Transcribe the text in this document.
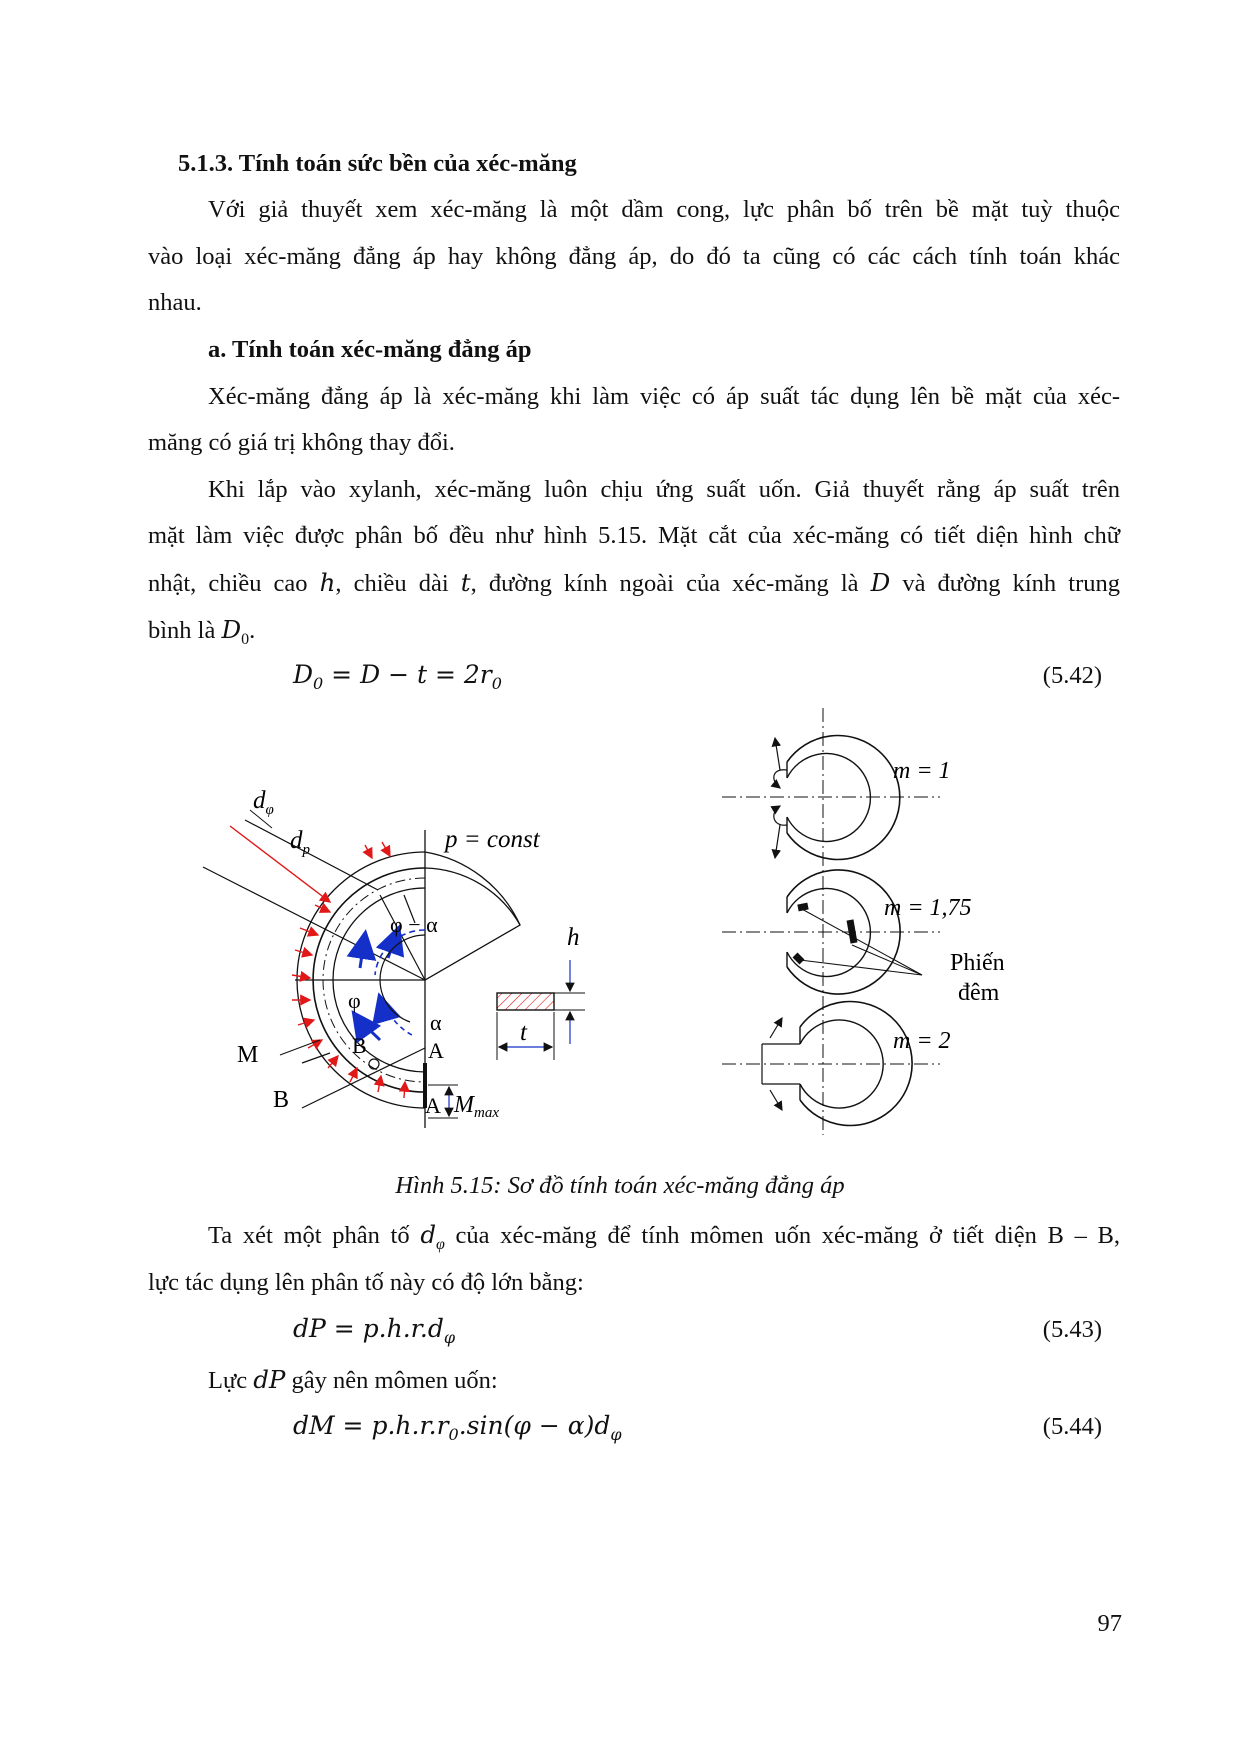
5.1.3. Tính toán sức bền của xéc-măng
Với giả thuyết xem xéc-măng là một dầm cong, lực phân bố trên bề mặt tuỳ thuộc
vào loại xéc-măng đẳng áp hay không đẳng áp, do đó ta cũng có các cách tính toán khác
nhau.
a. Tính toán xéc-măng đẳng áp
Xéc-măng đẳng áp là xéc-măng khi làm việc có áp suất tác dụng lên bề mặt của xéc-
măng có giá trị không thay đổi.
Khi lắp vào xylanh, xéc-măng luôn chịu ứng suất uốn. Giả thuyết rằng áp suất trên
mặt làm việc được phân bố đều như hình 5.15. Mặt cắt của xéc-măng có tiết diện hình chữ
nhật, chiều cao h, chiều dài t, đường kính ngoài của xéc-măng là D và đường kính trung
bình là $D_0$.
$D_0 = D - t = 2r_0$	(5.42)
$d_\varphi$
$d_p$	p = const
φ − α
φ
α
B	A
A $M_{max}$
M
B
h
t
m = 1
m = 1,75
Phiến
đêm
m = 2
Hình 5.15: Sơ đồ tính toán xéc-măng đẳng áp
Ta xét một phân tố $d_\varphi$ của xéc-măng để tính mômen uốn xéc-măng ở tiết diện B – B,
lực tác dụng lên phân tố này có độ lớn bằng:
dP = $p.h.r.d_\varphi$	(5.43)
Lực dP gây nên mômen uốn:
dM = $p.h.r.r_0.\sin(\varphi - \alpha)d_\varphi$	(5.44)
97
